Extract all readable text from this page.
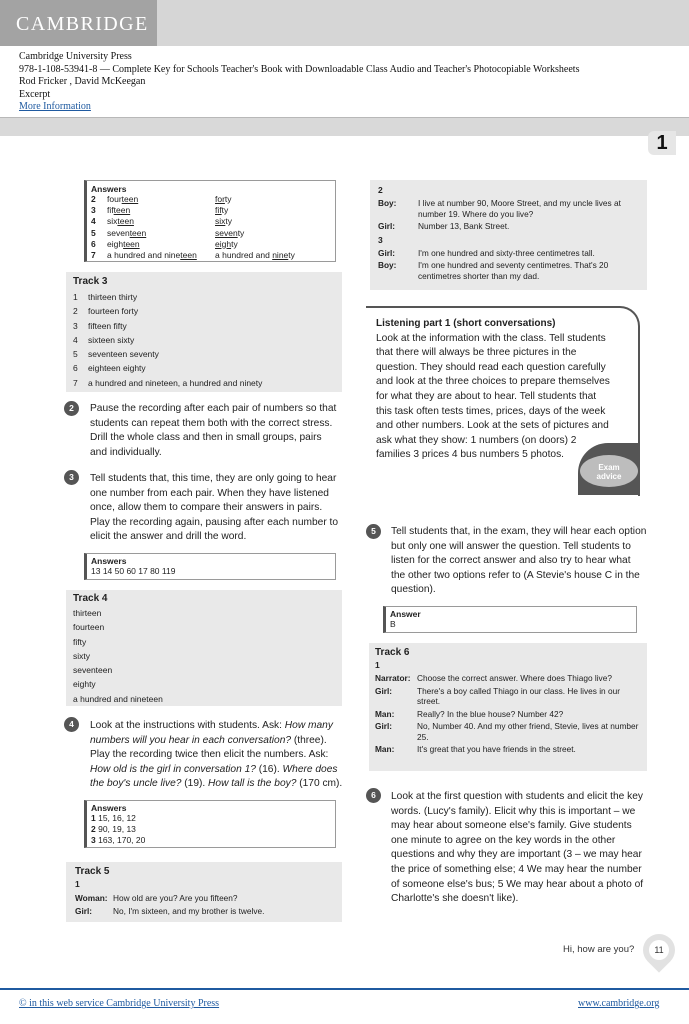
CAMBRIDGE
Cambridge University Press
978-1-108-53941-8 — Complete Key for Schools Teacher's Book with Downloadable Class Audio and Teacher's Photocopiable Worksheets
Rod Fricker , David McKeegan
Excerpt
More Information
1
Answers
2	fourteen	forty
3	fifteen	fifty
4	sixteen	sixty
5	seventeen	seventy
6	eighteen	eighty
7	a hundred and nineteen	a hundred and ninety
Track 3
1 thirteen thirty
2 fourteen forty
3 fifteen fifty
4 sixteen sixty
5 seventeen seventy
6 eighteen eighty
7 a hundred and nineteen, a hundred and ninety
2	Pause the recording after each pair of numbers so that students can repeat them both with the correct stress. Drill the whole class and then in small groups, pairs and individually.
3	Tell students that, this time, they are only going to hear one number from each pair. When they have listened once, allow them to compare their answers in pairs. Play the recording again, pausing after each number to elicit the answer and drill the word.
Answers
13 14 50 60 17 80 119
Track 4
thirteen
fourteen
fifty
sixty
seventeen
eighty
a hundred and nineteen
4	Look at the instructions with students. Ask: How many numbers will you hear in each conversation? (three). Play the recording twice then elicit the numbers. Ask: How old is the girl in conversation 1? (16). Where does the boy's uncle live? (19). How tall is the boy? (170 cm).
Answers
1 15, 16, 12
2 90, 19, 13
3 163, 170, 20
Track 5
1
Woman:	How old are you? Are you fifteen?
Girl:	No, I'm sixteen, and my brother is twelve.
2
Boy:	I live at number 90, Moore Street, and my uncle lives at number 19. Where do you live?
Girl:	Number 13, Bank Street.
3
Girl:	I'm one hundred and sixty-three centimetres tall.
Boy:	I'm one hundred and seventy centimetres. That's 20 centimetres shorter than my dad.
Listening part 1 (short conversations)
Look at the information with the class. Tell students that there will always be three pictures in the question. They should read each question carefully and look at the three choices to prepare themselves for what they are about to hear. Tell students that this task often tests times, prices, days of the week and other numbers. Look at the sets of pictures and ask what they show: 1 numbers (on doors) 2 families 3 prices 4 bus numbers 5 photos.
Exam
advice
5	Tell students that, in the exam, they will hear each option but only one will answer the question. Tell students to listen for the correct answer and also try to hear what the other two options refer to (A Stevie's house C in the question).
Answer
B
Track 6
1
Narrator:	Choose the correct answer. Where does Thiago live?
Girl:	There's a boy called Thiago in our class. He lives in our street.
Man:	Really? In the blue house? Number 42?
Girl:	No, Number 40. And my other friend, Stevie, lives at number 25.
Man:	It's great that you have friends in the street.
6	Look at the first question with students and elicit the key words. (Lucy's family). Elicit why this is important – we may hear about someone else's family. Give students one minute to agree on the key words in the other questions and why they are important (3 – we may hear the price of something else; 4 We may hear the number of someone else's bus; 5 We may hear about a photo of Charlotte's she doesn't like).
Hi, how are you?	11
© in this web service Cambridge University Press	www.cambridge.org
